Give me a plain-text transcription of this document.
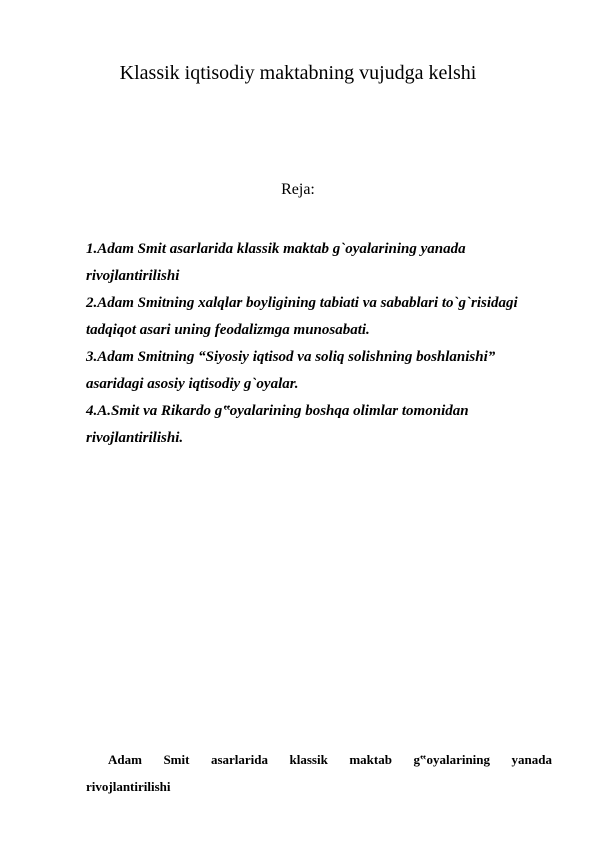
Klassik iqtisodiy maktabning vujudga kelshi
Reja:
1.Adam Smit asarlarida klassik maktab g`oyalarining yanada
rivojlantirilishi
2.Adam Smitning xalqlar boyligining tabiati va sabablari to`g`risidagi
tadqiqot asari uning feodalizmga munosabati.
3.Adam Smitning “Siyosiy iqtisod va soliq solishning boshlanishi”
asaridagi asosiy iqtisodiy g`oyalar.
4.A.Smit va Rikardo g‟oyalarining boshqa olimlar tomonidan
rivojlantirilishi.
Adam Smit asarlarida klassik maktab g‟oyalarining yanada
rivojlantirilishi
